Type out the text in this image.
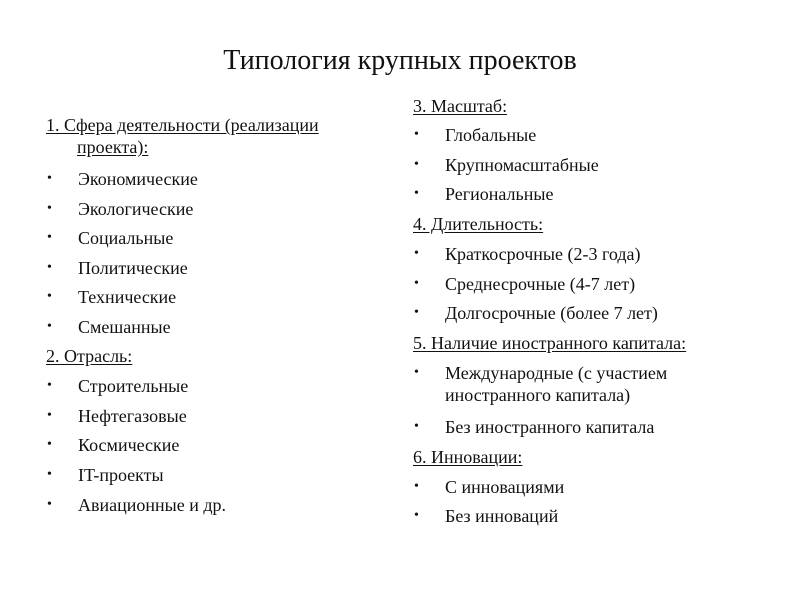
Типология крупных проектов
1. Сфера деятельности (реализации
проекта):
• Экономические
• Экологические
• Социальные
• Политические
• Технические
• Смешанные
2. Отрасль:
• Строительные
• Нефтегазовые
• Космические
• IT-проекты
• Авиационные и др.
3. Масштаб:
• Глобальные
• Крупномасштабные
• Региональные
4. Длительность:
• Краткосрочные (2-3 года)
• Среднесрочные (4-7 лет)
• Долгосрочные (более 7 лет)
5. Наличие иностранного капитала:
• Международные (с участием иностранного капитала)
• Без иностранного капитала
6. Инновации:
• С инновациями
• Без инноваций
